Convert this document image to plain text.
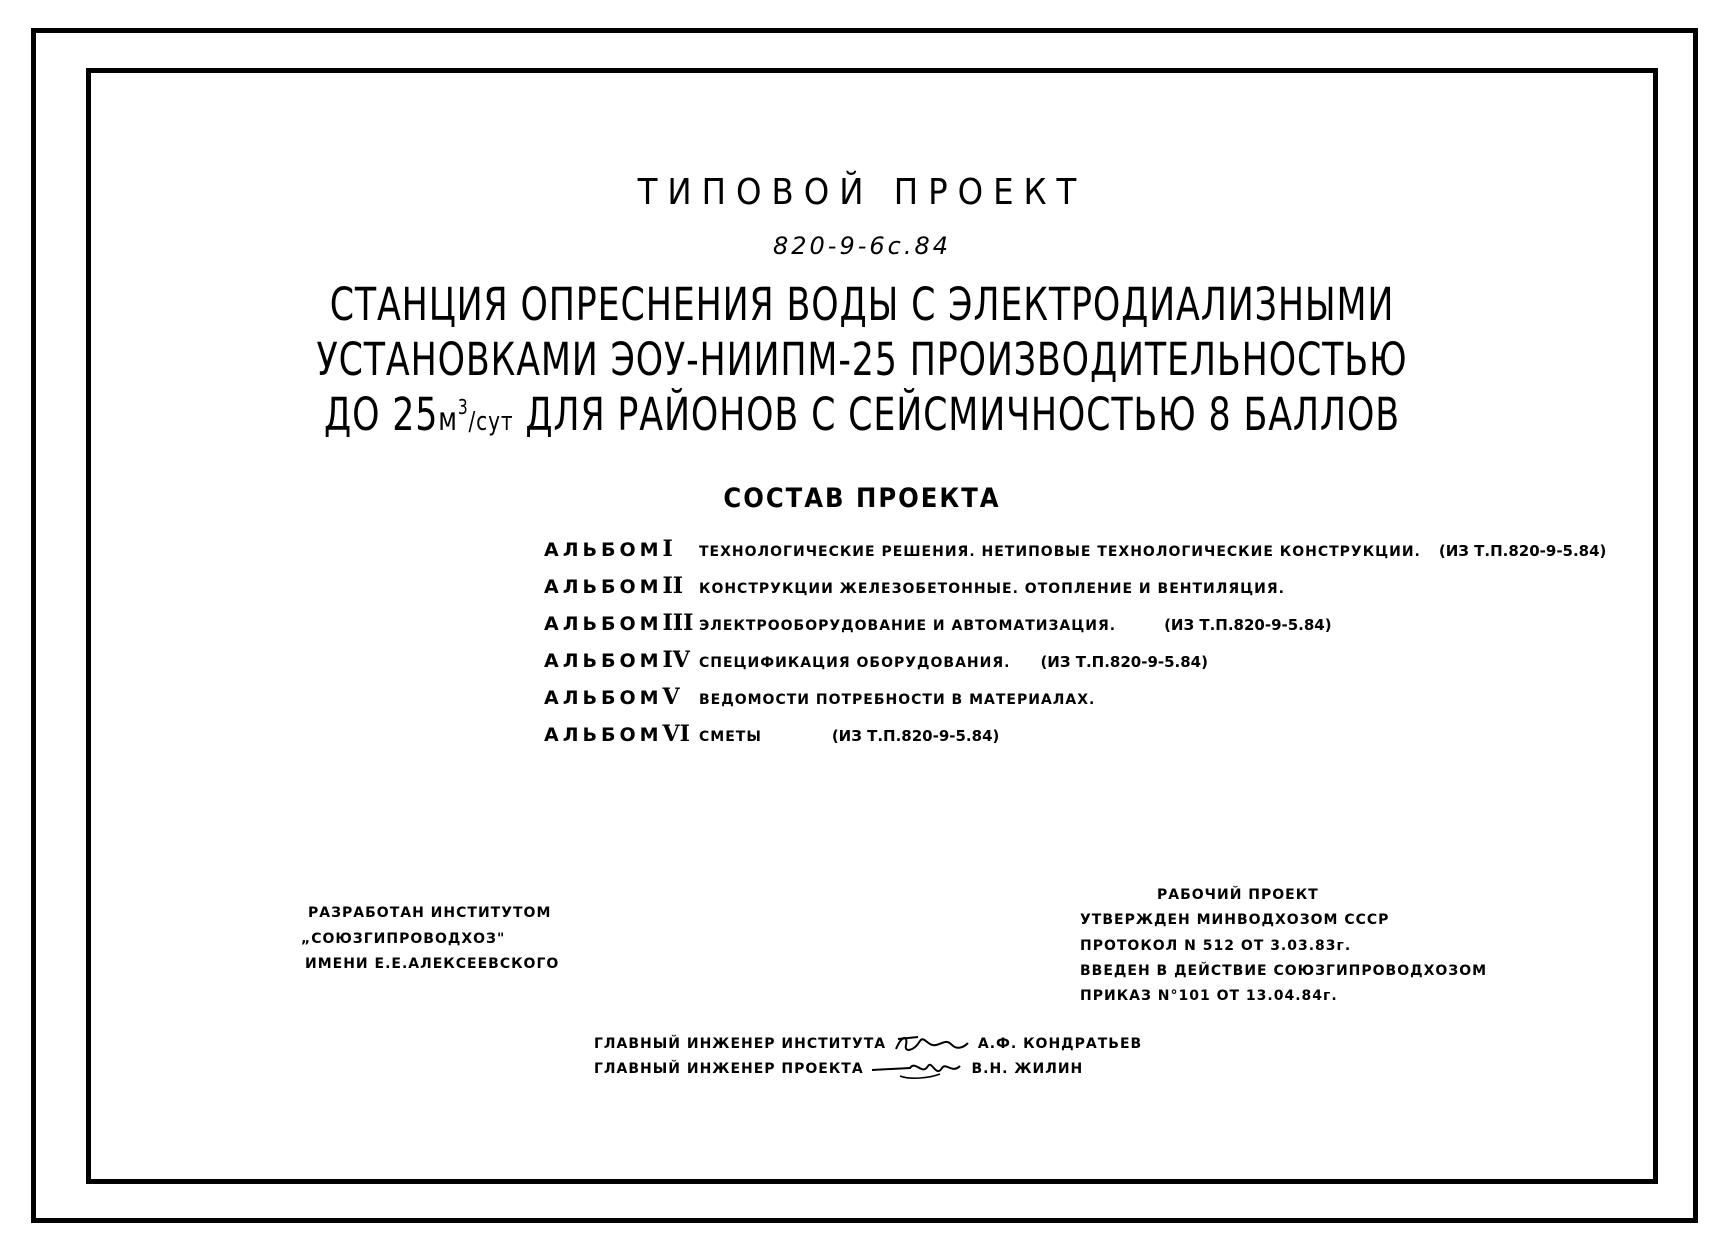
ТИПОВОЙ ПРОЕКТ
820-9-6с.84
СТАНЦИЯ ОПРЕСНЕНИЯ ВОДЫ С ЭЛЕКТРОДИАЛИЗНЫМИ
УСТАНОВКАМИ ЭОУ-НИИПМ-25 ПРОИЗВОДИТЕЛЬНОСТЬЮ
ДО $25м^3$/сут ДЛЯ РАЙОНОВ С СЕЙСМИЧНОСТЬЮ 8 БАЛЛОВ
СОСТАВ ПРОЕКТА
АЛЬБОМI	ТЕХНОЛОГИЧЕСКИЕ РЕШЕНИЯ. НЕТИПОВЫЕ ТЕХНОЛОГИЧЕСКИЕ КОНСТРУКЦИИ. (ИЗ Т.П.820-9-5.84)
АЛЬБОМII	КОНСТРУКЦИИ ЖЕЛЕЗОБЕТОННЫЕ. ОТОПЛЕНИЕ И ВЕНТИЛЯЦИЯ.
АЛЬБОМIII ЭЛЕКТРООБОРУДОВАНИЕ И АВТОМАТИЗАЦИЯ.	(ИЗ Т.П.820-9-5.84)
АЛЬБОМIV СПЕЦИФИКАЦИЯ ОБОРУДОВАНИЯ. (ИЗ Т.П.820-9-5.84)
АЛЬБОМV	ВЕДОМОСТИ ПОТРЕБНОСТИ В МАТЕРИАЛАХ.
АЛЬБОМVI СМЕТЫ	(ИЗ Т.П.820-9-5.84)
РАЗРАБОТАН ИНСТИТУТОМ
„СОЮЗГИПРОВОДХОЗ"
ИМЕНИ Е.Е.АЛЕКСЕЕВСКОГО
РАБОЧИЙ ПРОЕКТ
УТВЕРЖДЕН МИНВОДХОЗОМ СССР
ПРОТОКОЛ N 512 ОТ 3.03.83г.
ВВЕДЕН В ДЕЙСТВИЕ СОЮЗГИПРОВОДХОЗОМ
ПРИКАЗ N°101 ОТ 13.04.84г.
ГЛАВНЫЙ ИНЖЕНЕР ИНСТИТУТА	А.Ф. КОНДРАТЬЕВ
ГЛАВНЫЙ ИНЖЕНЕР ПРОЕКТА	В.Н. ЖИЛИН
